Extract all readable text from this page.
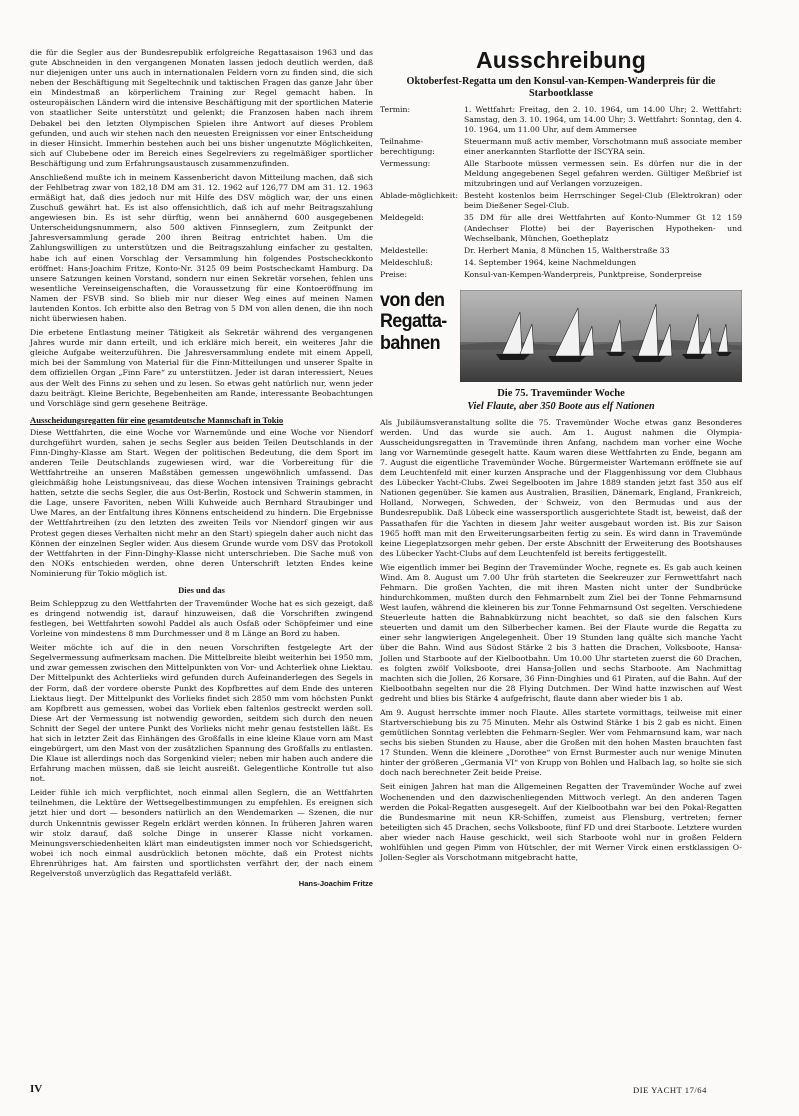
die für die Segler aus der Bundesrepublik erfolgreiche Regattasaison 1963 und das gute Abschneiden in den vergangenen Monaten lassen jedoch deutlich werden, daß nur diejenigen unter uns auch in internationalen Feldern vorn zu finden sind, die sich neben der Beschäftigung mit Segeltechnik und taktischen Fragen das ganze Jahr über ein Mindestmaß an körperlichem Training zur Regel gemacht haben. In osteuropäischen Ländern wird die intensive Beschäftigung mit der sportlichen Materie von staatlicher Seite unterstützt und gelenkt; die Franzosen haben nach ihrem Debakel bei den letzten Olympischen Spielen ihre Antwort auf dieses Problem gefunden, und auch wir stehen nach den neuesten Ereignissen vor einer Entscheidung in dieser Hinsicht. Immerhin bestehen auch bei uns bisher ungenutzte Möglichkeiten, sich auf Clubebene oder im Bereich eines Segelreviers zu regelmäßiger sportlicher Beschäftigung und zum Erfahrungsaustausch zusammenzufinden.

Anschließend mußte ich in meinem Kassenbericht davon Mitteilung machen, daß sich der Fehlbetrag zwar von 182,18 DM am 31. 12. 1962 auf 126,77 DM am 31. 12. 1963 ermäßigt hat, daß dies jedoch nur mit Hilfe des DSV möglich war, der uns einen Zuschuß gewährt hat. Es ist also offensichtlich, daß ich auf mehr Beitragszahlung angewiesen bin. Es ist sehr dürftig, wenn bei annähernd 600 ausgegebenen Unterscheidungsnummern, also 500 aktiven Finnseglern, zum Zeitpunkt der Jahresversammlung gerade 200 ihren Beitrag entrichtet haben. Um die Zahlungswilligen zu unterstützen und die Beitragszahlung einfacher zu gestalten, habe ich auf einen Vorschlag der Versammlung hin folgendes Postscheckkonto eröffnet: Hans-Joachim Fritze, Konto-Nr. 3125 09 beim Postscheckamt Hamburg. Da unsere Satzungen keinen Vorstand, sondern nur einen Sekretär vorsehen, fehlen uns wesentliche Vereinseigenschaften, die Voraussetzung für eine Kontoeröffnung im Namen der FSVB sind. So blieb mir nur dieser Weg eines auf meinen Namen lautenden Kontos. Ich erbitte also den Betrag von 5 DM von allen denen, die ihn noch nicht überwiesen haben.

Die erbetene Entlastung meiner Tätigkeit als Sekretär während des vergangenen Jahres wurde mir dann erteilt, und ich erkläre mich bereit, ein weiteres Jahr die gleiche Aufgabe weiterzuführen. Die Jahresversammlung endete mit einem Appell, mich bei der Sammlung von Material für die Finn-Mitteilungen und unserer Spalte in dem offiziellen Organ „Finn Fare“ zu unterstützen. Jeder ist daran interessiert, Neues aus der Welt des Finns zu sehen und zu lesen. So etwas geht natürlich nur, wenn jeder dazu beiträgt. Kleine Berichte, Begebenheiten am Rande, interessante Beobachtungen und Vorschläge sind gern gesehene Beiträge.

Ausscheidungsregatten für eine gesamtdeutsche Mannschaft in Tokio

Diese Wettfahrten, die eine Woche vor Warnemünde und eine Woche vor Niendorf durchgeführt wurden, sahen je sechs Segler aus beiden Teilen Deutschlands in der Finn-Dinghy-Klasse am Start. Wegen der politischen Bedeutung, die dem Sport im anderen Teile Deutschlands zugewiesen wird, war die Vorbereitung für die Wettfahrtreihe an unseren Maßstäben gemessen ungewöhnlich umfassend. Das gleichmäßig hohe Leistungsniveau, das diese Wochen intensiven Trainings gebracht hatten, setzte die sechs Segler, die aus Ost-Berlin, Rostock und Schwerin stammen, in die Lage, unsere Favoriten, neben Willi Kuhweide auch Bernhard Straubinger und Uwe Mares, an der Entfaltung ihres Könnens entscheidend zu hindern. Die Ergebnisse der Wettfahrtreihen (zu den letzten des zweiten Teils vor Niendorf gingen wir aus Protest gegen dieses Verhalten nicht mehr an den Start) spiegeln daher auch nicht das Können der einzelnen Segler wider. Aus diesem Grunde wurde vom DSV das Protokoll der Wettfahrten in der Finn-Dinghy-Klasse nicht unterschrieben. Die Sache muß von den NOKs entschieden werden, ohne deren Unterschrift letzten Endes keine Nominierung für Tokio möglich ist.

Dies und das

Beim Schleppzug zu den Wettfahrten der Travemünder Woche hat es sich gezeigt, daß es dringend notwendig ist, darauf hinzuweisen, daß die Vorschriften zwingend festlegen, bei Wettfahrten sowohl Paddel als auch Osfaß oder Schöpfeimer und eine Vorleine von mindestens 8 mm Durchmesser und 8 m Länge an Bord zu haben.

Weiter möchte ich auf die in den neuen Vorschriften festgelegte Art der Segelvermessung aufmerksam machen. Die Mittelbreite bleibt weiterhin bei 1950 mm, und zwar gemessen zwischen den Mittelpunkten von Vor- und Achterliek ohne Liektau. Der Mittelpunkt des Achterlieks wird gefunden durch Aufeinanderlegen des Segels in der Form, daß der vordere oberste Punkt des Kopfbrettes auf dem Ende des unteren Liektaus liegt. Der Mittelpunkt des Vorlieks findet sich 2850 mm vom höchsten Punkt am Kopfbrett aus gemessen, wobei das Vorliek eben faltenlos gestreckt werden soll. Diese Art der Vermessung ist notwendig geworden, seitdem sich durch den neuen Schnitt der Segel der untere Punkt des Vorlieks nicht mehr genau feststellen läßt. Es hat sich in letzter Zeit das Einhängen des Großfalls in eine kleine Klaue vorn am Mast eingebürgert, um den Mast von der zusätzlichen Spannung des Großfalls zu entlasten. Die Klaue ist allerdings noch das Sorgenkind vieler; neben mir haben auch andere die Erfahrung machen müssen, daß sie leicht ausreißt. Gelegentliche Kontrolle tut also not.

Leider fühle ich mich verpflichtet, noch einmal allen Seglern, die an Wettfahrten teilnehmen, die Lektüre der Wettsegelbestimmungen zu empfehlen. Es ereignen sich jetzt hier und dort — besonders natürlich an den Wendemarken — Szenen, die nur durch Unkenntnis gewisser Regeln erklärt werden können. In früheren Jahren waren wir stolz darauf, daß solche Dinge in unserer Klasse nicht vorkamen. Meinungsverschiedenheiten klärt man eindeutigsten immer noch vor Schiedsgericht, wobei ich noch einmal ausdrücklich betonen möchte, daß ein Protest nichts Ehrenrühriges hat. Am fairsten und sportlichsten verfährt der, der nach einem Regelverstoß unverzüglich das Regattafeld verläßt.

Hans-Joachim Fritze
Ausschreibung
Oktoberfest-Regatta um den Konsul-van-Kempen-Wanderpreis für die Starbootklasse
Termin:	1. Wettfahrt: Freitag, den 2. 10. 1964, um 14.00 Uhr; 2. Wettfahrt: Samstag, den 3. 10. 1964, um 14.00 Uhr; 3. Wettfahrt: Sonntag, den 4. 10. 1964, um 11.00 Uhr, auf dem Ammersee
Teilnahme-berechtigung:	Steuermann muß activ member, Vorschotmann muß associate member einer anerkannten Starflotte der ISCYRA sein.
Vermessung:	Alle Starboote müssen vermessen sein. Es dürfen nur die in der Meldung angegebenen Segel gefahren werden. Gültiger Meßbrief ist mitzubringen und auf Verlangen vorzuzeigen.
Ablade-möglichkeit:	Besteht kostenlos beim Herrschinger Segel-Club (Elektrokran) oder beim Dießener Segel-Club.
Meldegeld:	35 DM für alle drei Wettfahrten auf Konto-Nummer Gt 12 159 (Andechser Flotte) bei der Bayerischen Hypotheken- und Wechselbank, München, Goetheplatz
Meldestelle:	Dr. Herbert Mania, 8 München 15, Waltherstraße 33
Meldeschluß:	14. September 1964, keine Nachmeldungen
Preise:	Konsul-van-Kempen-Wanderpreis, Punktpreise, Sonderpreise
von den
Regatta-
bahnen
Die 75. Travemünder Woche
Viel Flaute, aber 350 Boote aus elf Nationen

Als Jubiläumsveranstaltung sollte die 75. Travemünder Woche etwas ganz Besonderes werden. Und das wurde sie auch. Am 1. August nahmen die Olympia-Ausscheidungsregatten in Travemünde ihren Anfang, nachdem man vorher eine Woche lang vor Warnemünde gesegelt hatte. Kaum waren diese Wettfahrten zu Ende, begann am 7. August die eigentliche Travemünder Woche. Bürgermeister Wartemann eröffnete sie auf dem Leuchtenfeld mit einer kurzen Ansprache und der Flaggenhissung vor dem Clubhaus des Lübecker Yacht-Clubs. Zwei Segelbooten im Jahre 1889 standen jetzt fast 350 aus elf Nationen gegenüber. Sie kamen aus Australien, Brasilien, Dänemark, England, Frankreich, Holland, Norwegen, Schweden, der Schweiz, von den Bermudas und aus der Bundesrepublik. Daß Lübeck eine wassersportlich ausgerichtete Stadt ist, beweist, daß der Passathafen für die Yachten in diesem Jahr weiter ausgebaut worden ist. Bis zur Saison 1965 hofft man mit den Erweiterungsarbeiten fertig zu sein. Es wird dann in Travemünde keine Liegeplatzsorgen mehr geben. Der erste Abschnitt der Erweiterung des Bootshauses des Lübecker Yacht-Clubs auf dem Leuchtenfeld ist bereits fertiggestellt.

Wie eigentlich immer bei Beginn der Travemünder Woche, regnete es. Es gab auch keinen Wind. Am 8. August um 7.00 Uhr früh starteten die Seekreuzer zur Fernwettfahrt nach Fehmarn. Die großen Yachten, die mit ihren Masten nicht unter der Sundbrücke hindurchkommen, mußten durch den Fehmarnbelt zum Ziel bei der Tonne Fehmarnsund West laufen, während die kleineren bis zur Tonne Fehmarnsund Ost segelten. Verschiedene Steuerleute hatten die Bahnabkürzung nicht beachtet, so daß sie den falschen Kurs steuerten und damit um den Silberbecher kamen. Bei der Flaute wurde die Regatta zu einer sehr langwierigen Angelegenheit. Über 19 Stunden lang quälte sich manche Yacht über die Bahn. Wind aus Südost Stärke 2 bis 3 hatten die Drachen, Volksboote, Hansa-Jollen und Starboote auf der Kielbootbahn. Um 10.00 Uhr starteten zuerst die 60 Drachen, es folgten zwölf Volksboote, drei Hansa-Jollen und sechs Starboote. Am Nachmittag machten sich die Jollen, 26 Korsare, 36 Finn-Dinghies und 61 Piraten, auf die Bahn. Auf der Kielbootbahn segelten nur die 28 Flying Dutchmen. Der Wind hatte inzwischen auf West gedreht und blies bis Stärke 4 aufgefrischt, flaute dann aber wieder bis 1 ab.

Am 9. August herrschte immer noch Flaute. Alles startete vormittags, teilweise mit einer Startverschiebung bis zu 75 Minuten. Mehr als Ostwind Stärke 1 bis 2 gab es nicht. Einen gemütlichen Sonntag verlebten die Fehmarn-Segler. Wer vom Fehmarnsund kam, war nach sechs bis sieben Stunden zu Hause, aber die Großen mit den hohen Masten brauchten fast 17 Stunden. Wenn die kleinere „Dorothee“ von Ernst Burmester auch nur wenige Minuten hinter der größeren „Germania VI“ von Krupp von Bohlen und Halbach lag, so holte sie sich doch nach berechneter Zeit beide Preise.

Seit einigen Jahren hat man die Allgemeinen Regatten der Travemünder Woche auf zwei Wochenenden und den dazwischenliegenden Mittwoch verlegt. An den anderen Tagen werden die Pokal-Regatten ausgesegelt. Auf der Kielbootbahn war bei den Pokal-Regatten die Bundesmarine mit neun KR-Schiffen, zumeist aus Flensburg, vertreten; ferner beteiligten sich 45 Drachen, sechs Volksboote, fünf FD und drei Starboote. Letztere wurden aber wieder nach Hause geschickt, weil sich Starboote wohl nur in großen Feldern wohlfühlen und gegen Pimm von Hütschler, der mit Werner Virck einen erstklassigen O-Jollen-Segler als Vorschotmann mitgebracht hatte,

IV	DIE YACHT 17/64
